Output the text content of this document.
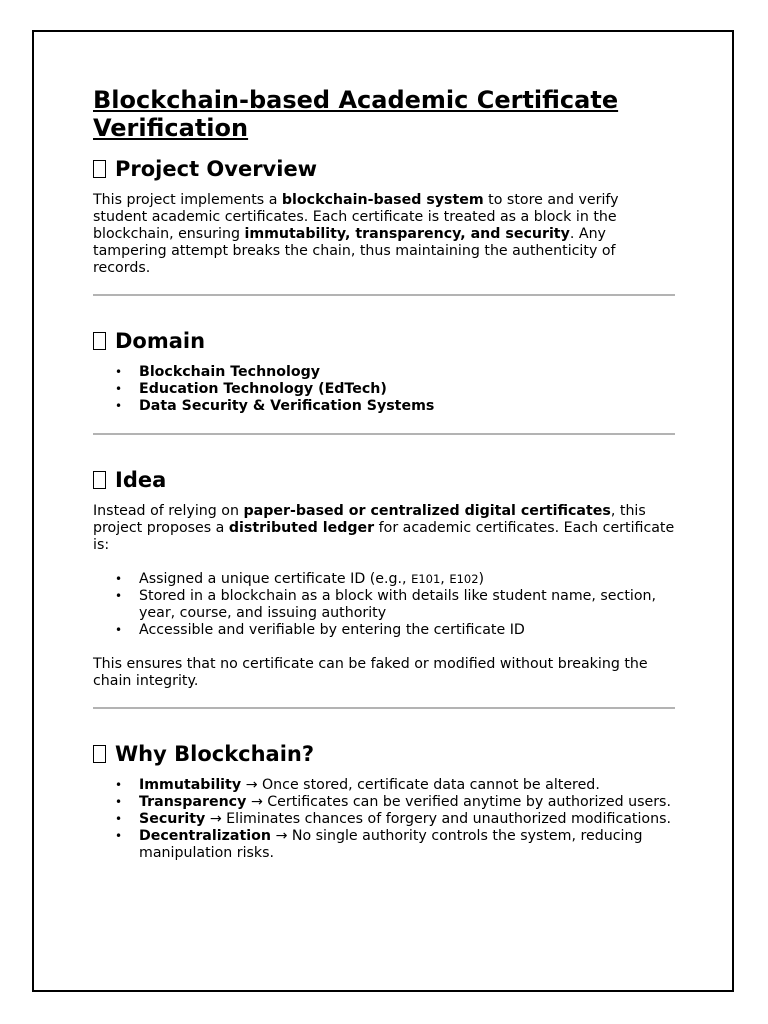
Blockchain-based Academic Certificate Verification
Project Overview

This project implements a blockchain-based system to store and verify student academic certificates. Each certificate is treated as a block in the blockchain, ensuring immutability, transparency, and security. Any tampering attempt breaks the chain, thus maintaining the authenticity of records.

Domain
• Blockchain Technology
• Education Technology (EdTech)
• Data Security & Verification Systems
Idea

Instead of relying on paper-based or centralized digital certificates, this project proposes a distributed ledger for academic certificates. Each certificate is:

• Assigned a unique certificate ID (e.g., E101, E102)
• Stored in a blockchain as a block with details like student name, section, year, course, and issuing authority
• Accessible and verifiable by entering the certificate ID

This ensures that no certificate can be faked or modified without breaking the chain integrity.

Why Blockchain?
• Immutability → Once stored, certificate data cannot be altered.
• Transparency → Certificates can be verified anytime by authorized users.
• Security → Eliminates chances of forgery and unauthorized modifications.
• Decentralization → No single authority controls the system, reducing manipulation risks.
